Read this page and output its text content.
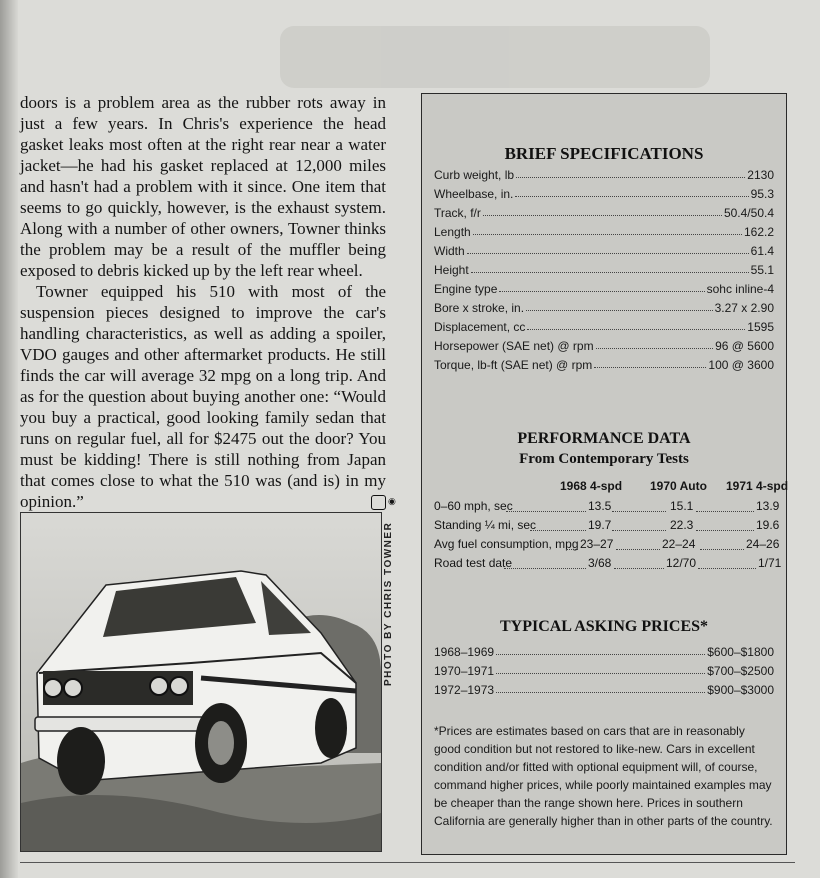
doors is a problem area as the rubber rots away in just a few years. In Chris's experience the head gasket leaks most often at the right rear near a water jacket—he had his gasket replaced at 12,000 miles and hasn't had a problem with it since. One item that seems to go quickly, however, is the exhaust system. Along with a number of other owners, Towner thinks the problem may be a result of the muffler being exposed to debris kicked up by the left rear wheel.

Towner equipped his 510 with most of the suspension pieces designed to improve the car's handling characteristics, as well as adding a spoiler, VDO gauges and other aftermarket products. He still finds the car will average 32 mpg on a long trip. And as for the question about buying another one: “Would you buy a practical, good looking family sedan that runs on regular fuel, all for $2475 out the door? You must be kidding! There is still nothing from Japan that comes close to what the 510 was (and is) in my opinion.”	◉

PHOTO BY CHRIS TOWNER
BRIEF SPECIFICATIONS
Curb weight, lb	2130
Wheelbase, in.	95.3
Track, f/r	50.4/50.4
Length	162.2
Width	61.4
Height	55.1
Engine type	sohc inline-4
Bore x stroke, in.	3.27 x 2.90
Displacement, cc	1595
Horsepower (SAE net) @ rpm	96 @ 5600
Torque, lb-ft (SAE net) @ rpm	100 @ 3600
PERFORMANCE DATA
From Contemporary Tests
1968 4-spd 1970 Auto 1971 4-spd
0–60 mph, sec	13.5	15.1	13.9
Standing ¼ mi, sec	19.7	22.3	19.6
Avg fuel consumption, mpg 23–27	22–24	24–26
Road test date	3/68	12/70	1/71
TYPICAL ASKING PRICES*
1968–1969	$600–$1800
1970–1971	$700–$2500
1972–1973	$900–$3000
*Prices are estimates based on cars that are in reasonably good condition but not restored to like-new. Cars in excellent condition and/or fitted with optional equipment will, of course, command higher prices, while poorly maintained examples may be cheaper than the range shown here. Prices in southern California are generally higher than in other parts of the country.
